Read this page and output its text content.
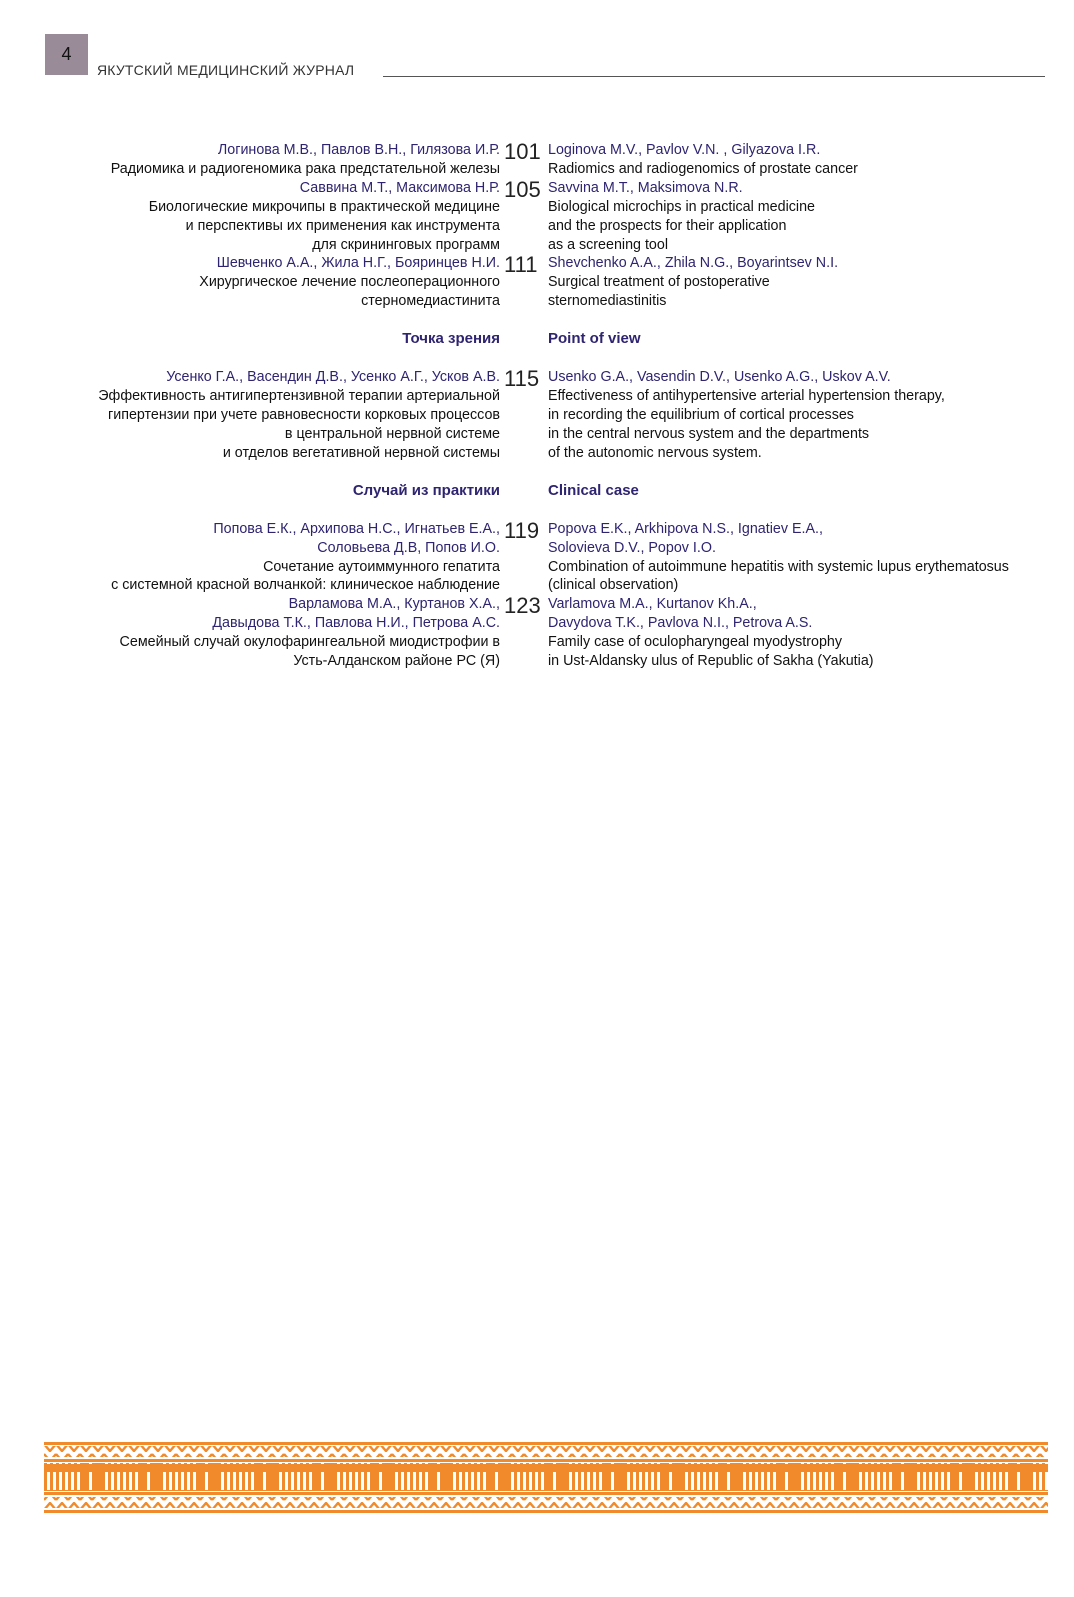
4
ЯКУТСКИЙ МЕДИЦИНСКИЙ ЖУРНАЛ
Логинова М.В., Павлов В.Н., Гилязова И.Р.
Радиомика и радиогеномика рака предстательной железы
101 Loginova M.V., Pavlov V.N. , Gilyazova I.R.
Radiomics and radiogenomics of prostate cancer
Саввина М.Т., Максимова Н.Р.
Биологические микрочипы в практической медицине
и перспективы их применения как инструмента
для скрининговых программ
105 Savvina M.T., Maksimova N.R.
Biological microchips in practical medicine
and the prospects for their application
as a screening tool
Шевченко А.А., Жила Н.Г., Бояринцев Н.И.
Хирургическое лечение послеоперационного
стерномедиастинита
111 Shevchenko A.A., Zhila N.G., Boyarintsev N.I.
Surgical treatment of postoperative
sternomediastinitis
Точка зрения	Point of view
Усенко Г.А., Васендин Д.В., Усенко А.Г., Усков А.В.
Эффективность антигипертензивной терапии артериальной
гипертензии при учете равновесности корковых процессов
в центральной нервной системе
и отделов вегетативной нервной системы
115 Usenko G.A., Vasendin D.V., Usenko A.G., Uskov A.V.
Effectiveness of antihypertensive arterial hypertension therapy,
in recording the equilibrium of cortical processes
in the central nervous system and the departments
of the autonomic nervous system.
Случай из практики	Clinical case
Попова Е.К., Архипова Н.С., Игнатьев Е.А.,
Соловьева Д.В, Попов И.О.
Сочетание аутоиммунного гепатита
с системной красной волчанкой: клиническое наблюдение
119 Popova E.K., Arkhipova N.S., Ignatiev E.A.,
Solovieva D.V., Popov I.O.
Combination of autoimmune hepatitis with systemic lupus erythematosus
(clinical observation)
Варламова М.А., Куртанов Х.А.,
Давыдова Т.К., Павлова Н.И., Петрова А.С.
Семейный случай окулофарингеальной миодистрофии в
Усть-Алданском районе РС (Я)
123 Varlamova M.A., Kurtanov Kh.A.,
Davydova T.K., Pavlova N.I., Petrova A.S.
Family case of oculopharyngeal myodystrophy
in Ust-Aldansky ulus of Republic of Sakha (Yakutia)
